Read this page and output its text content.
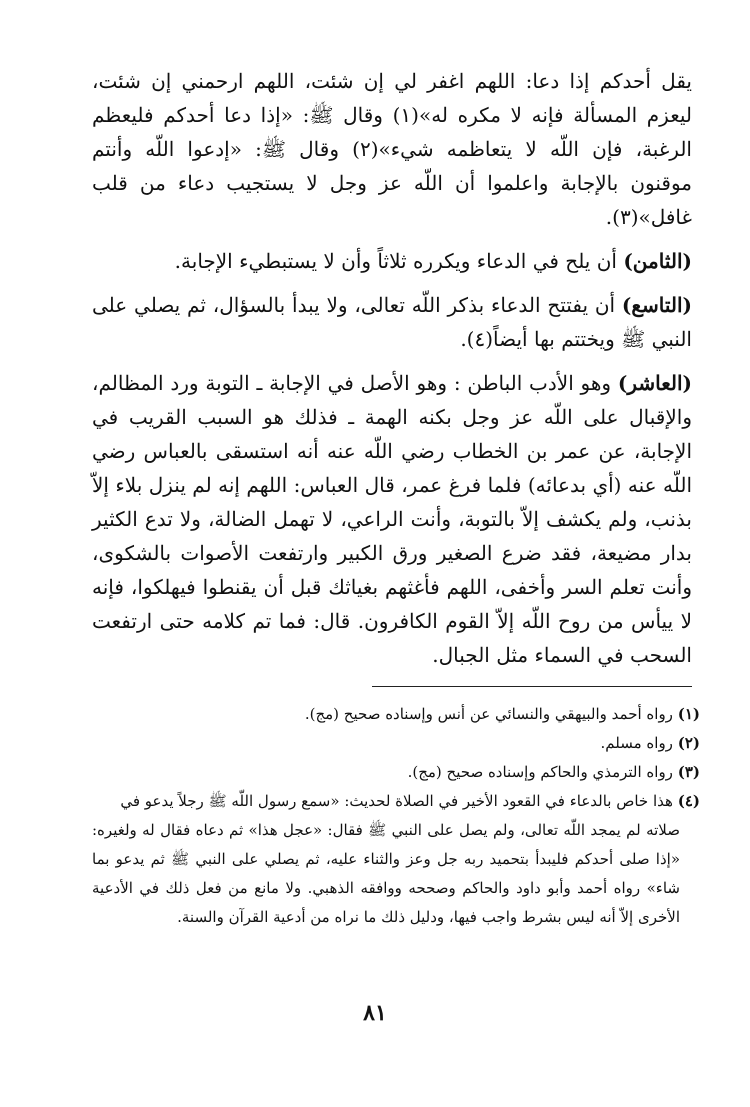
يقل أحدكم إذا دعا: اللهم اغفر لي إن شئت، اللهم ارحمني إن شئت، ليعزم المسألة فإنه لا مكره له»(١) وقال ﷺ: «إذا دعا أحدكم فليعظم الرغبة، فإن اللّه لا يتعاظمه شيء»(٢) وقال ﷺ: «إدعوا اللّه وأنتم موقنون بالإجابة واعلموا أن اللّه عز وجل لا يستجيب دعاء من قلب غافل»(٣).

(الثامن) أن يلح في الدعاء ويكرره ثلاثاً وأن لا يستبطيء الإجابة.

(التاسع) أن يفتتح الدعاء بذكر اللّه تعالى، ولا يبدأ بالسؤال، ثم يصلي على النبي ﷺ ويختتم بها أيضاً(٤).

(العاشر) وهو الأدب الباطن : وهو الأصل في الإجابة ـ التوبة ورد المظالم، والإقبال على اللّه عز وجل بكنه الهمة ـ فذلك هو السبب القريب في الإجابة، عن عمر بن الخطاب رضي اللّه عنه أنه استسقى بالعباس رضي اللّه عنه (أي بدعائه) فلما فرغ عمر، قال العباس: اللهم إنه لم ينزل بلاء إلاّ بذنب، ولم يكشف إلاّ بالتوبة، وأنت الراعي، لا تهمل الضالة، ولا تدع الكثير بدار مضيعة، فقد ضرع الصغير ورق الكبير وارتفعت الأصوات بالشكوى، وأنت تعلم السر وأخفى، اللهم فأغثهم بغياثك قبل أن يقنطوا فيهلكوا، فإنه لا ييأس من روح اللّه إلاّ القوم الكافرون. قال: فما تم كلامه حتى ارتفعت السحب في السماء مثل الجبال.

(١) رواه أحمد والبيهقي والنسائي عن أنس وإسناده صحيح (مج).

(٢) رواه مسلم.

(٣) رواه الترمذي والحاكم وإسناده صحيح (مج).

(٤) هذا خاص بالدعاء في القعود الأخير في الصلاة لحديث: «سمع رسول اللّه ﷺ رجلاً يدعو في

صلاته لم يمجد اللّه تعالى، ولم يصل على النبي ﷺ فقال: «عجل هذا» ثم دعاه فقال له ولغيره: «إذا صلى أحدكم فليبدأ بتحميد ربه جل وعز والثناء عليه، ثم يصلي على النبي ﷺ ثم يدعو بما شاء» رواه أحمد وأبو داود والحاكم وصححه ووافقه الذهبي. ولا مانع من فعل ذلك في الأدعية الأخرى إلاّ أنه ليس بشرط واجب فيها، ودليل ذلك ما نراه من أدعية القرآن والسنة.

٨١
